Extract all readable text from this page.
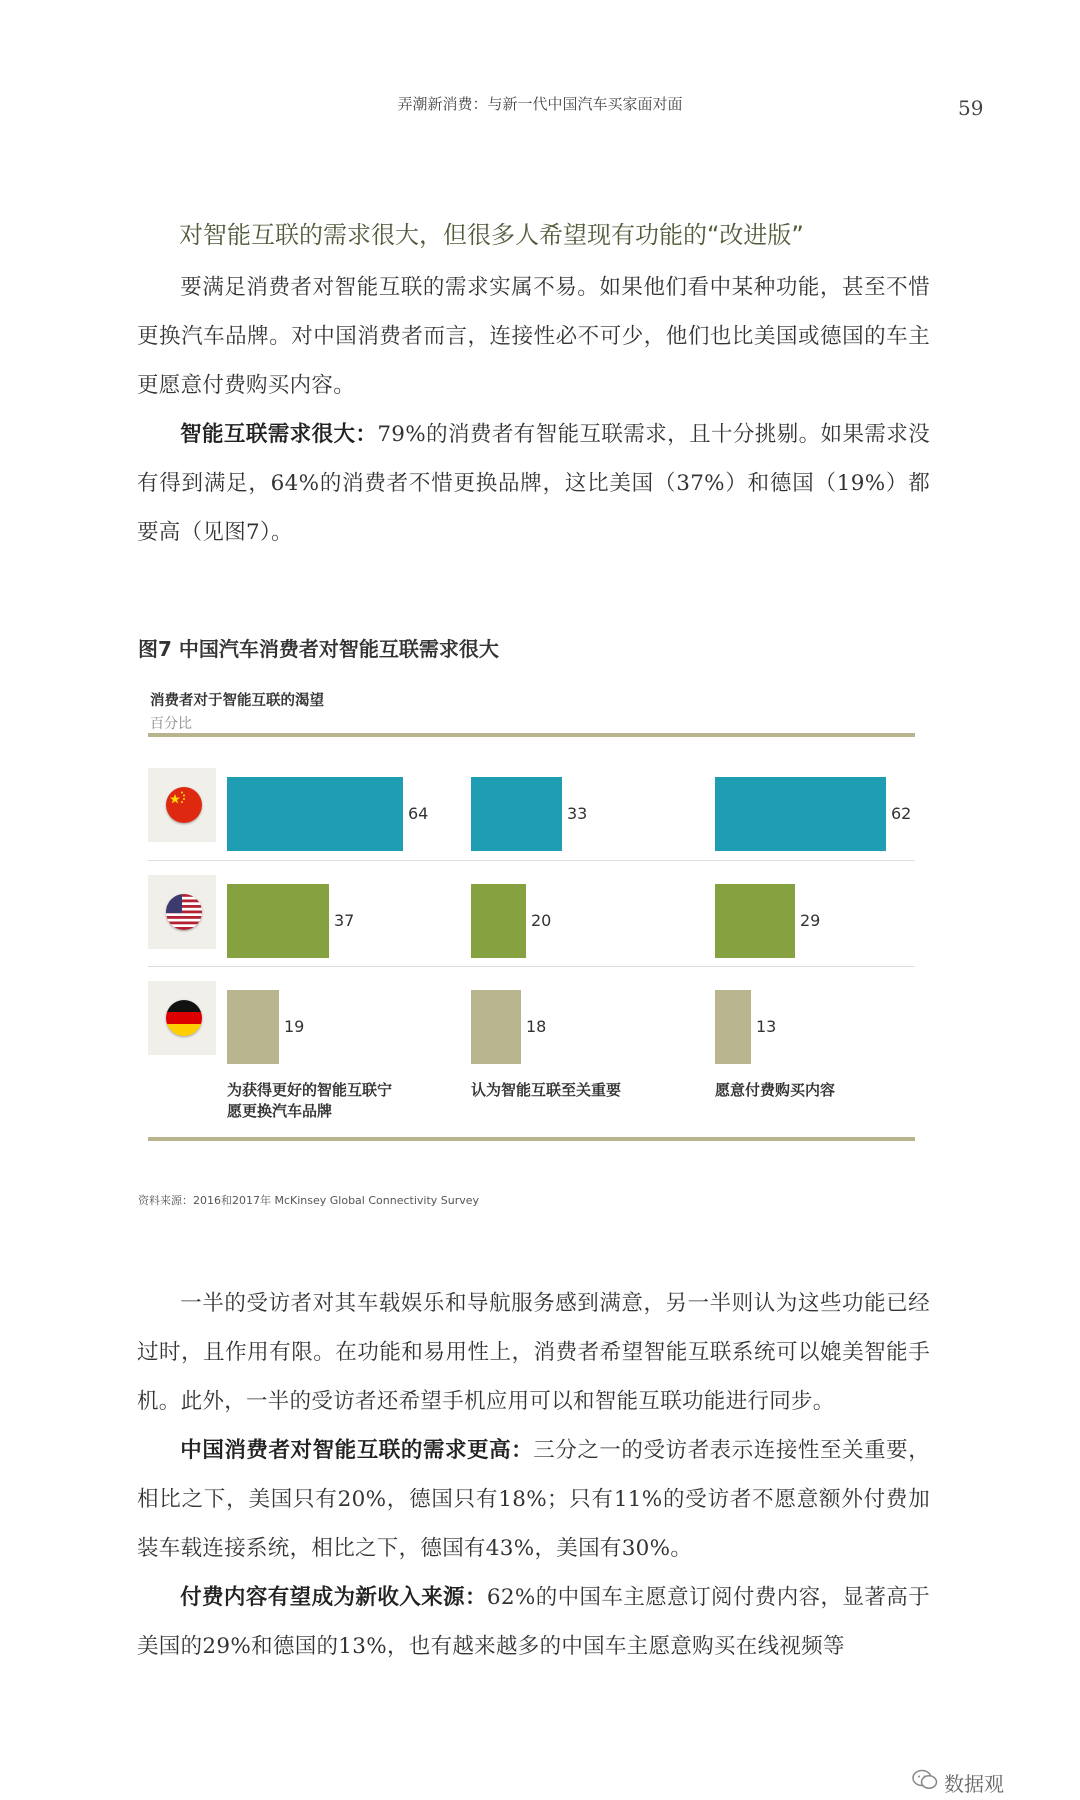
弄潮新消费：与新一代中国汽车买家面对面	59
对智能互联的需求很大，但很多人希望现有功能的“改进版”
要满足消费者对智能互联的需求实属不易。如果他们看中某种功能，甚至不惜更换汽车品牌。对中国消费者而言，连接性必不可少，他们也比美国或德国的车主更愿意付费购买内容。
智能互联需求很大：79%的消费者有智能互联需求，且十分挑剔。如果需求没有得到满足，64%的消费者不惜更换品牌，这比美国（37%）和德国（19%）都要高（见图7）。
图7 中国汽车消费者对智能互联需求很大
消费者对于智能互联的渴望
百分比
64	33	62
37	20	29
19	18	13
为获得更好的智能互联宁
愿更换汽车品牌
认为智能互联至关重要	愿意付费购买内容
资料来源：2016和2017年 McKinsey Global Connectivity Survey
一半的受访者对其车载娱乐和导航服务感到满意，另一半则认为这些功能已经过时，且作用有限。在功能和易用性上，消费者希望智能互联系统可以媲美智能手机。此外，一半的受访者还希望手机应用可以和智能互联功能进行同步。
中国消费者对智能互联的需求更高：三分之一的受访者表示连接性至关重要，相比之下，美国只有20%，德国只有18%；只有11%的受访者不愿意额外付费加装车载连接系统，相比之下，德国有43%，美国有30%。
付费内容有望成为新收入来源：62%的中国车主愿意订阅付费内容，显著高于美国的29%和德国的13%，也有越来越多的中国车主愿意购买在线视频等
数据观
